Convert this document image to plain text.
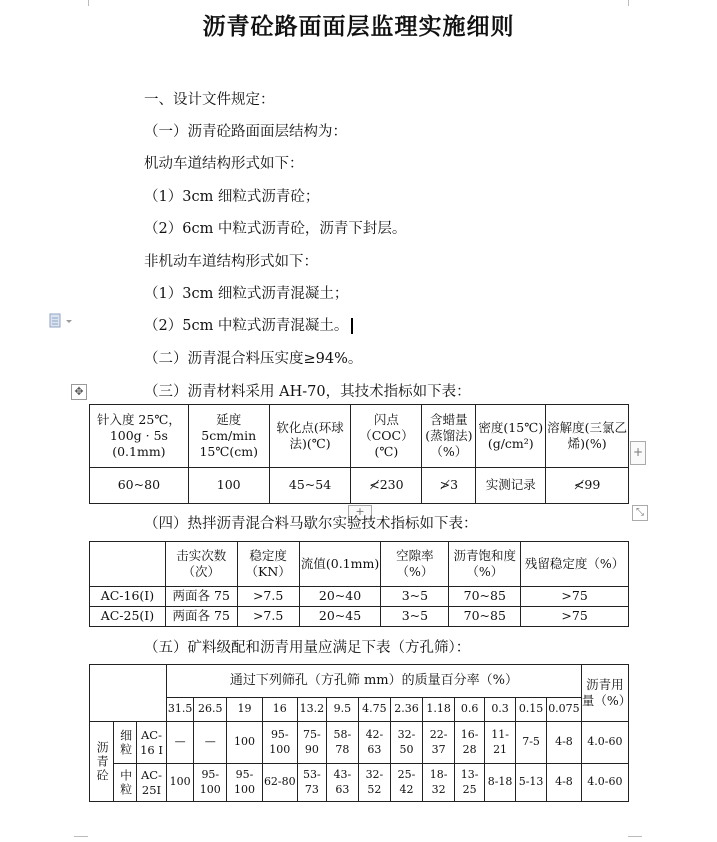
沥青砼路面面层监理实施细则
一、设计文件规定：
（一）沥青砼路面面层结构为：
机动车道结构形式如下：
（1）3cm 细粒式沥青砼；
（2）6cm 中粒式沥青砼，沥青下封层。
非机动车道结构形式如下：
（1）3cm 细粒式沥青混凝土；
（2）5cm 中粒式沥青混凝土。
（二）沥青混合料压实度≥94%。
（三）沥青材料采用 AH-70，其技术指标如下表：
✥
针入度 25℃，100g · 5s (0.1mm)	延度 5cm/min 15℃(cm)	软化点(环球法)(℃)	闪点（COC）(℃)	含蜡量(蒸馏法)（%）	密度(15℃)(g/cm²)	溶解度(三氯乙烯)(%)
60~80	100	45~54	≮230	≯3	实测记录	≮99
+
+	⤡
（四）热拌沥青混合料马歇尔实验技术指标如下表：
	击实次数（次）	稳定度（KN）	流值(0.1mm)	空隙率（%）	沥青饱和度（%）	残留稳定度（%）
AC-16(Ⅰ)	两面各 75	>7.5	20~40	3~5	70~85	>75
AC-25(Ⅰ)	两面各 75	>7.5	20~45	3~5	70~85	>75
（五）矿料级配和沥青用量应满足下表（方孔筛）：
			通过下列筛孔（方孔筛 mm）的质量百分率（%）													沥青用量（%）
			31.5	26.5	19	16	13.2	9.5	4.75	2.36	1.18	0.6	0.3	0.15	0.075	
沥青砼	细粒	AC-16 I	—	—	100	95-100	75-90	58-78	42-63	32-50	22-37	16-28	11-21	7-5	4-8	4.0-60
	中粒	AC-25I	100	95-100	95-100	62-80	53-73	43-63	32-52	25-42	18-32	13-25	8-18	5-13	4-8	4.0-60
